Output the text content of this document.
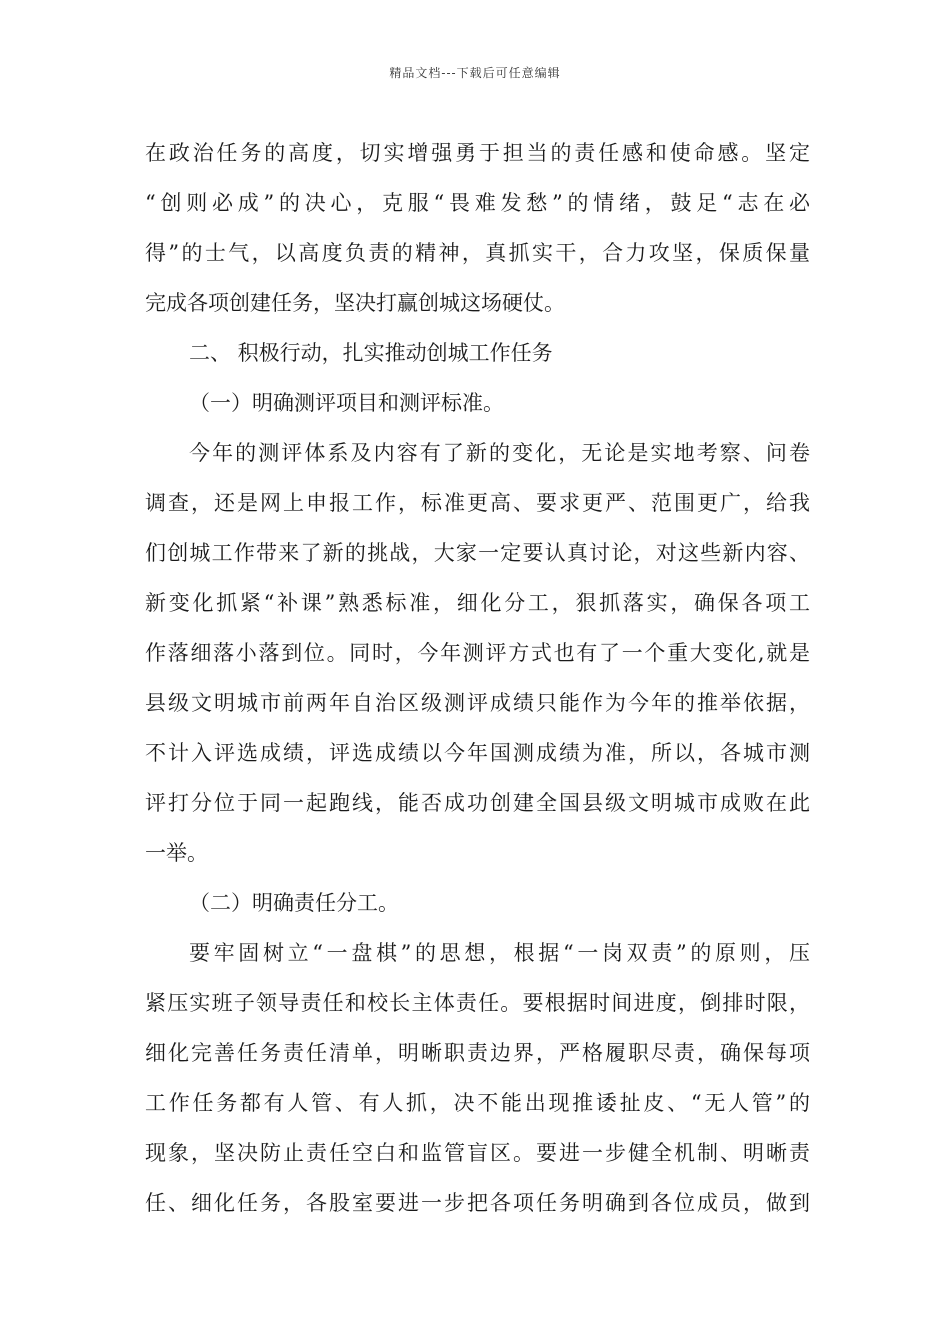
精品文档---下载后可任意编辑
在政治任务的高度，切实增强勇于担当的责任感和使命感。坚定
“创则必成”的决心，克服“畏难发愁”的情绪，鼓足“志在必
得”的士气，以高度负责的精神，真抓实干，合力攻坚，保质保量
完成各项创建任务，坚决打赢创城这场硬仗。
二、 积极行动，扎实推动创城工作任务
（一）明确测评项目和测评标准。
今年的测评体系及内容有了新的变化，无论是实地考察、问卷
调查，还是网上申报工作，标准更高、要求更严、范围更广，给我
们创城工作带来了新的挑战，大家一定要认真讨论，对这些新内容、
新变化抓紧“补课”熟悉标准，细化分工，狠抓落实，确保各项工
作落细落小落到位。同时，今年测评方式也有了一个重大变化,就是
县级文明城市前两年自治区级测评成绩只能作为今年的推举依据，
不计入评选成绩，评选成绩以今年国测成绩为准，所以，各城市测
评打分位于同一起跑线，能否成功创建全国县级文明城市成败在此
一举。
（二）明确责任分工。
要牢固树立“一盘棋”的思想，根据“一岗双责”的原则，压
紧压实班子领导责任和校长主体责任。要根据时间进度，倒排时限，
细化完善任务责任清单，明晰职责边界，严格履职尽责，确保每项
工作任务都有人管、有人抓，决不能出现推诿扯皮、“无人管”的
现象，坚决防止责任空白和监管盲区。要进一步健全机制、明晰责
任、细化任务，各股室要进一步把各项任务明确到各位成员，做到
